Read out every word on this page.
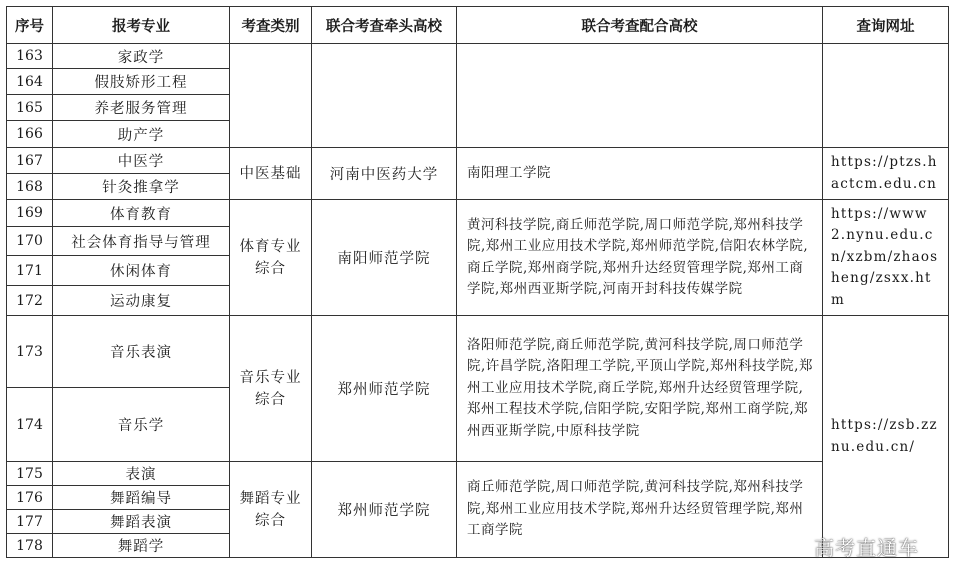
序号	报考专业	考查类别	联合考查牵头高校	联合考查配合高校	查询网址
163	家政学				
164	假肢矫形工程				
165	养老服务管理				
166	助产学				
167	中医学	中医基础	河南中医药大学	南阳理工学院	https://ptzs.hactcm.edu.cn
168	针灸推拿学				
169	体育教育	体育专业综合	南阳师范学院	黄河科技学院,商丘师范学院,周口师范学院,郑州科技学院,郑州工业应用技术学院,郑州师范学院,信阳农林学院,商丘学院,郑州商学院,郑州升达经贸管理学院,郑州工商学院,郑州西亚斯学院,河南开封科技传媒学院	https://www2.nynu.edu.cn/xzbm/zhaosheng/zsxx.htm
170	社会体育指导与管理				
171	休闲体育				
172	运动康复				
173	音乐表演	音乐专业综合	郑州师范学院	洛阳师范学院,商丘师范学院,黄河科技学院,周口师范学院,许昌学院,洛阳理工学院,平顶山学院,郑州科技学院,郑州工业应用技术学院,商丘学院,郑州升达经贸管理学院,郑州工程技术学院,信阳学院,安阳学院,郑州工商学院,郑州西亚斯学院,中原科技学院	https://zsb.zznu.edu.cn/
174	音乐学				
175	表演	舞蹈专业综合	郑州师范学院	商丘师范学院,周口师范学院,黄河科技学院,郑州科技学院,郑州工业应用技术学院,郑州升达经贸管理学院,郑州工商学院	
176	舞蹈编导				
177	舞蹈表演				
178	舞蹈学					高考直通车
